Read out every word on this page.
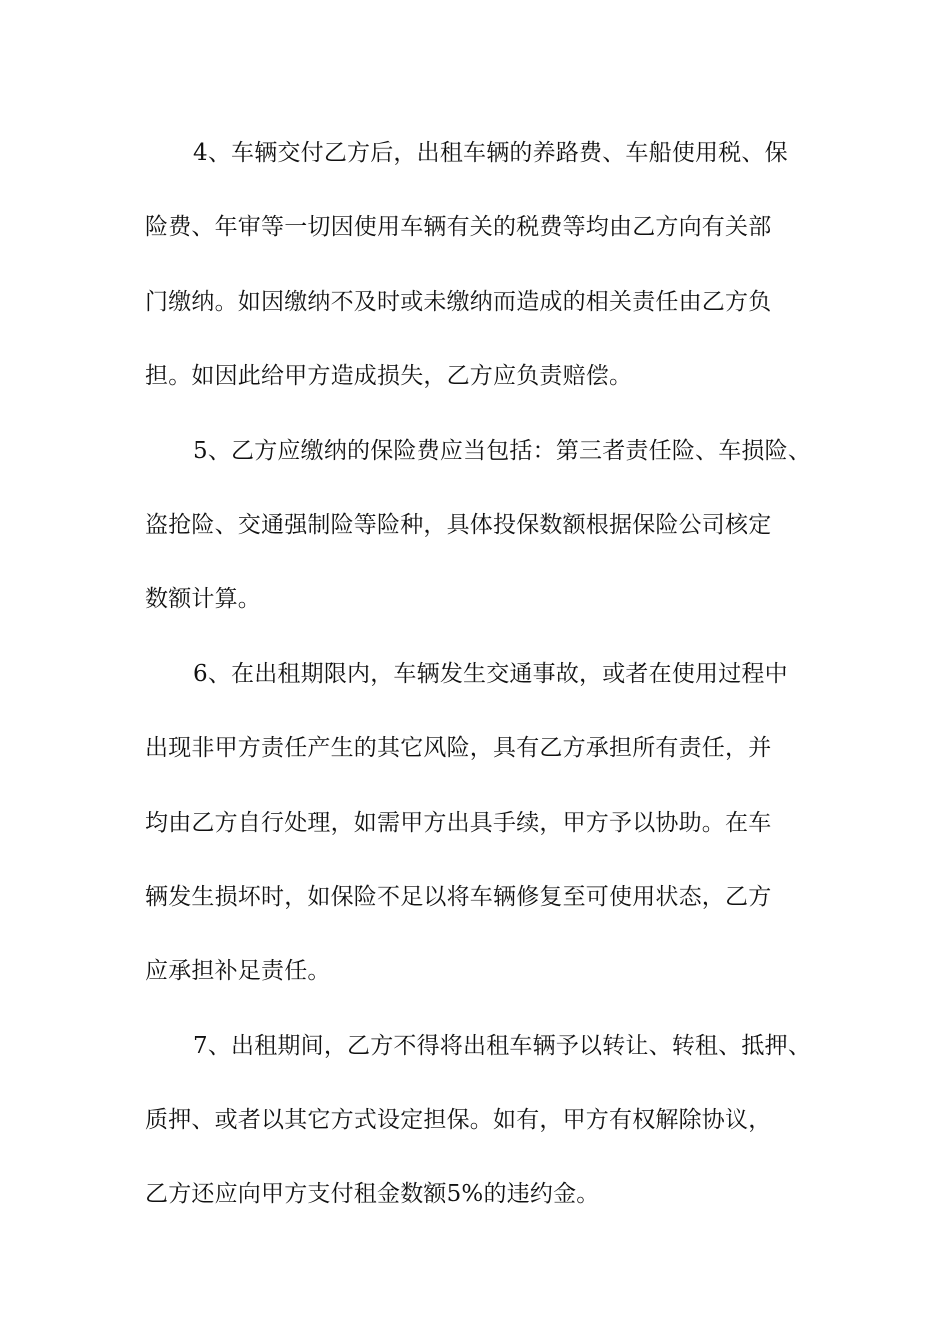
4、车辆交付乙方后，出租车辆的养路费、车船使用税、保
险费、年审等一切因使用车辆有关的税费等均由乙方向有关部
门缴纳。如因缴纳不及时或未缴纳而造成的相关责任由乙方负
担。如因此给甲方造成损失，乙方应负责赔偿。
5、乙方应缴纳的保险费应当包括：第三者责任险、车损险、
盗抢险、交通强制险等险种，具体投保数额根据保险公司核定
数额计算。
6、在出租期限内，车辆发生交通事故，或者在使用过程中
出现非甲方责任产生的其它风险，具有乙方承担所有责任，并
均由乙方自行处理，如需甲方出具手续，甲方予以协助。在车
辆发生损坏时，如保险不足以将车辆修复至可使用状态，乙方
应承担补足责任。
7、出租期间，乙方不得将出租车辆予以转让、转租、抵押、
质押、或者以其它方式设定担保。如有，甲方有权解除协议，
乙方还应向甲方支付租金数额5%的违约金。
